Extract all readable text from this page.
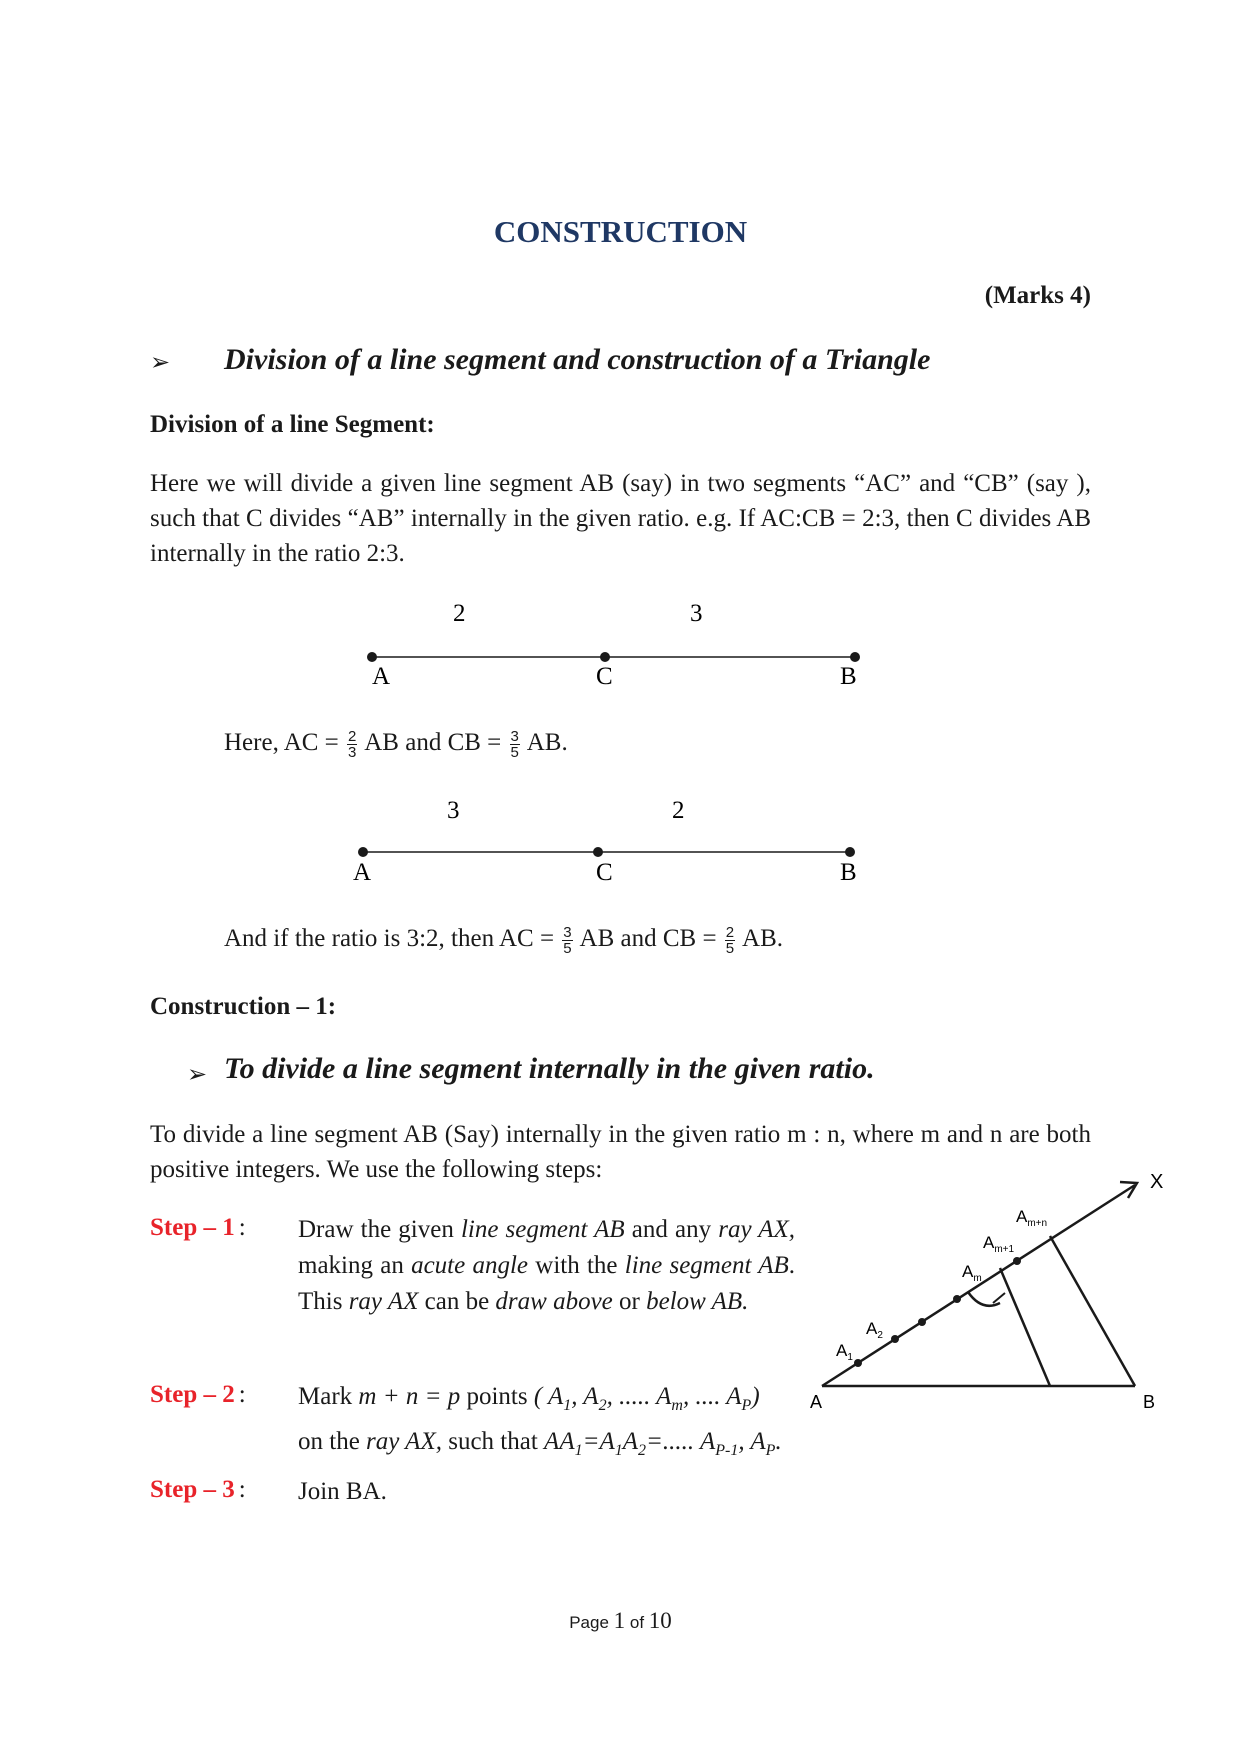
CONSTRUCTION
(Marks 4)
➢ Division of a line segment and construction of a Triangle
Division of a line Segment:
Here we will divide a given line segment AB (say) in two segments “AC” and “CB” (say ), such that C divides “AB” internally in the given ratio. e.g. If AC:CB = 2:3, then C divides AB internally in the ratio 2:3.
2	3
A	C	B
Here, AC = $\frac{2}{3}$ AB and CB = $\frac{3}{5}$ AB.
3	2
A	C	B
And if the ratio is 3:2, then AC = $\frac{3}{5}$ AB and CB = $\frac{2}{5}$ AB.
Construction – 1:
➢ To divide a line segment internally in the given ratio.
To divide a line segment AB (Say) internally in the given ratio m : n, where m and n are both positive integers. We use the following steps:
Step – 1 : Draw the given line segment AB and any ray AX, making an acute angle with the line segment AB. This ray AX can be draw above or below AB.
Step – 2 : Mark m + n = p points ( $A_1$, $A_2$, ..... $A_m$, .... $A_P$)
on the ray AX, such that $AA_1=A_1A_2=$..... $A_{P-1}$, $A_P$.
Step – 3 : Join BA.
X
A	B
$A_1$
$A_2$
$A_m$
$A_{m+1}$
$A_{m+n}$
Page 1 of 10
